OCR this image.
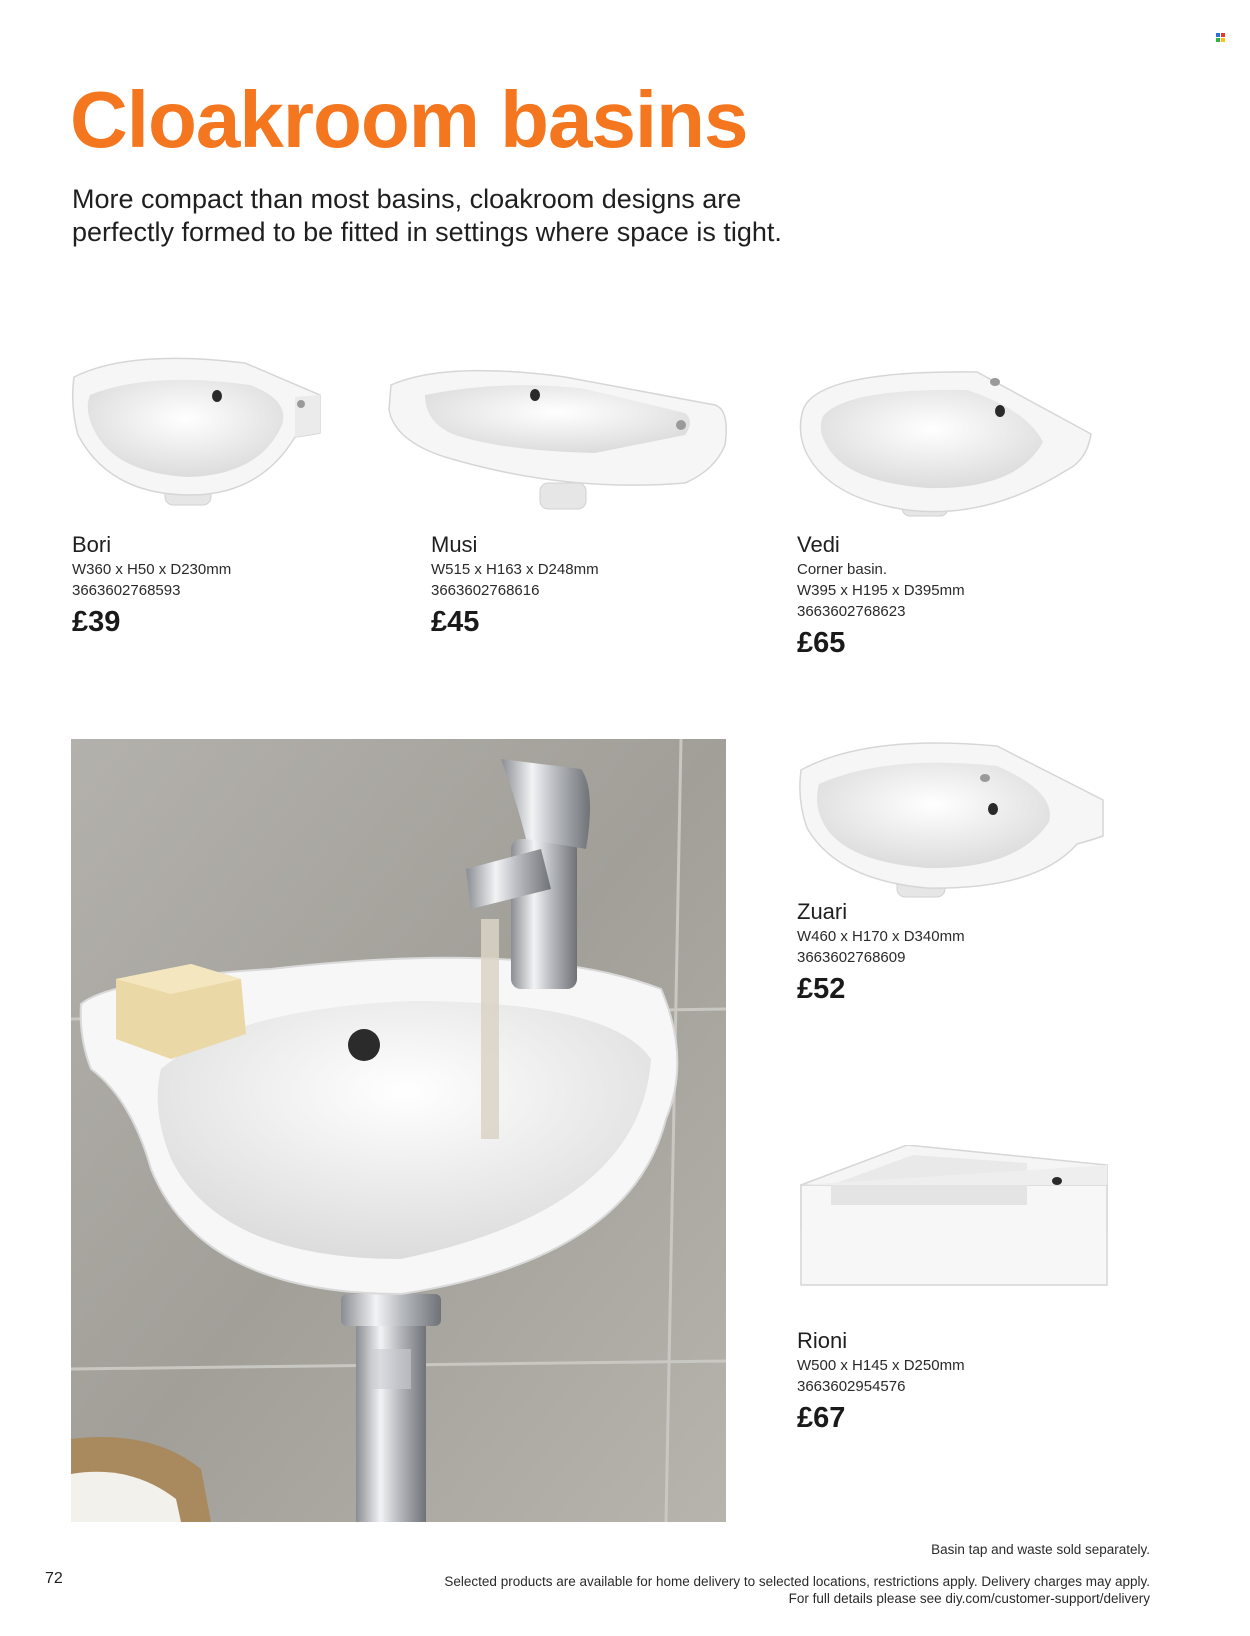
Cloakroom basins

More compact than most basins, cloakroom designs are

perfectly formed to be fitted in settings where space is tight.

Bori
W360 x H50 x D230mm
3663602768593
£39
Musi
W515 x H163 x D248mm
3663602768616
£45
Vedi
Corner basin.
W395 x H195 x D395mm
3663602768623
£65
Zuari
W460 x H170 x D340mm
3663602768609
£52
Rioni
W500 x H145 x D250mm
3663602954576
£67
72
Basin tap and waste sold separately.
Selected products are available for home delivery to selected locations, restrictions apply. Delivery charges may apply.
For full details please see diy.com/customer-support/delivery
